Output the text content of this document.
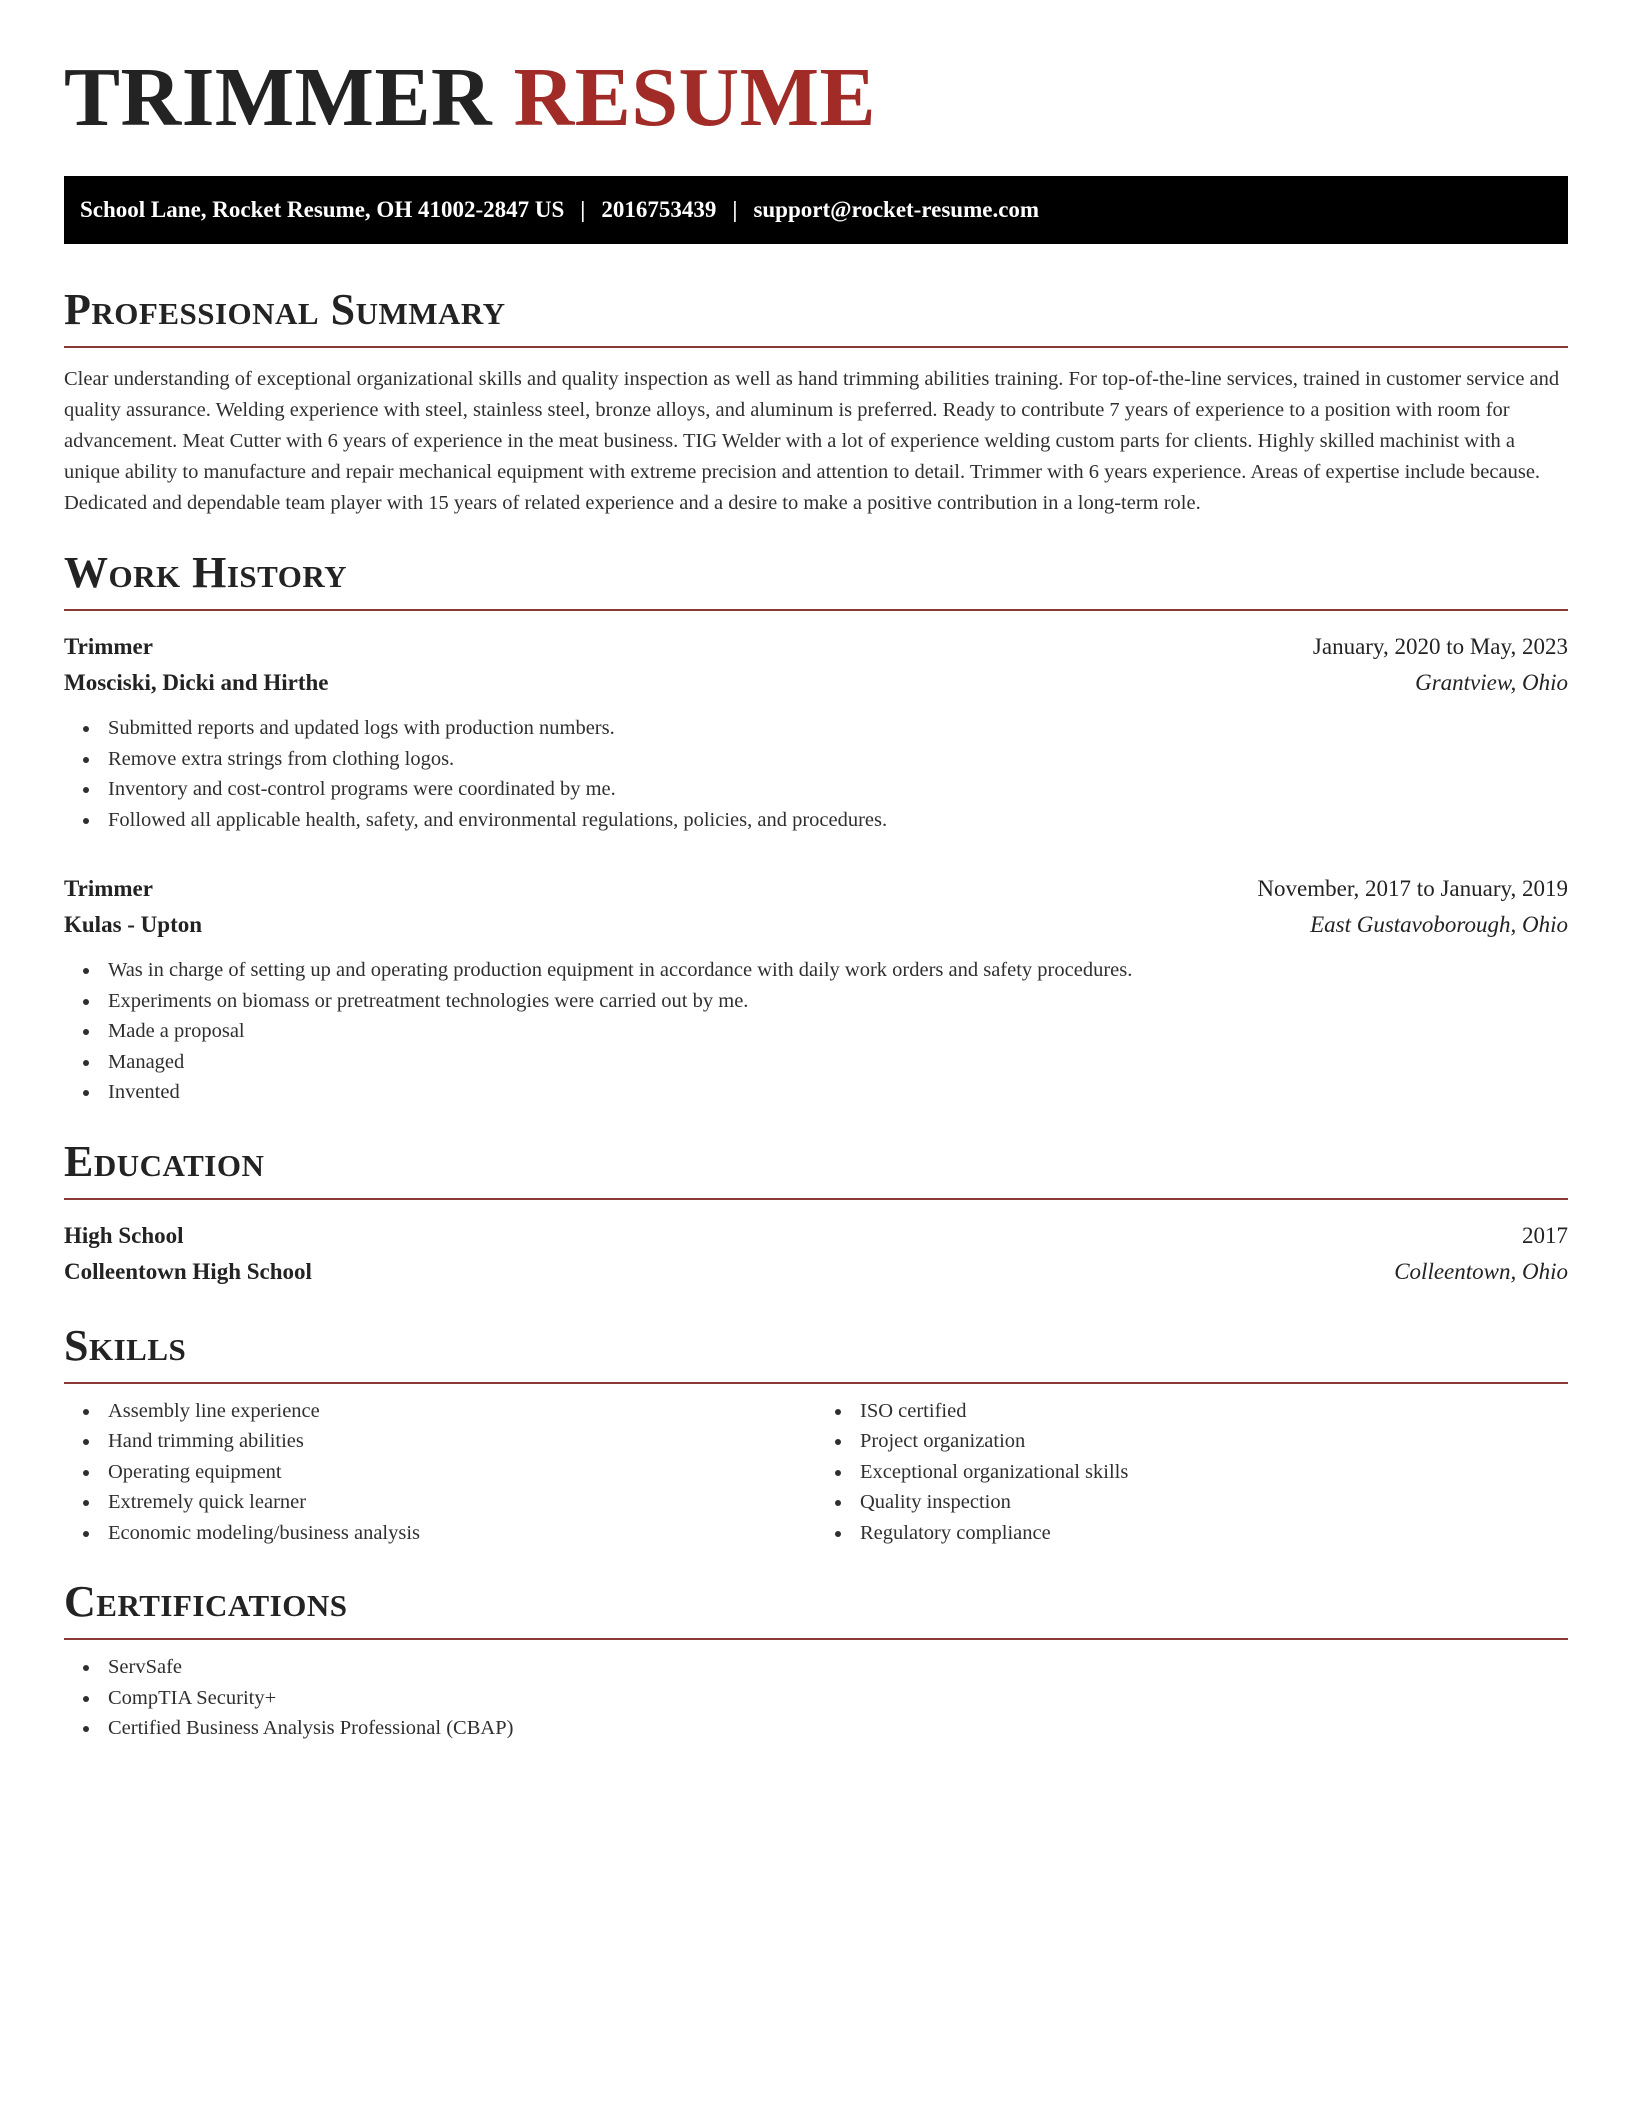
TRIMMER RESUME
School Lane, Rocket Resume, OH 41002-2847 US | 2016753439 | support@rocket-resume.com
Professional Summary

Clear understanding of exceptional organizational skills and quality inspection as well as hand trimming abilities training. For top-of-the-line services, trained in customer service and quality assurance. Welding experience with steel, stainless steel, bronze alloys, and aluminum is preferred. Ready to contribute 7 years of experience to a position with room for advancement. Meat Cutter with 6 years of experience in the meat business. TIG Welder with a lot of experience welding custom parts for clients. Highly skilled machinist with a unique ability to manufacture and repair mechanical equipment with extreme precision and attention to detail. Trimmer with 6 years experience. Areas of expertise include because. Dedicated and dependable team player with 15 years of related experience and a desire to make a positive contribution in a long-term role.

Work History
Trimmer	January, 2020 to May, 2023
Mosciski, Dicki and Hirthe	Grantview, Ohio
Submitted reports and updated logs with production numbers.
Remove extra strings from clothing logos.
Inventory and cost-control programs were coordinated by me.
Followed all applicable health, safety, and environmental regulations, policies, and procedures.
Trimmer	November, 2017 to January, 2019
Kulas - Upton	East Gustavoborough, Ohio
Was in charge of setting up and operating production equipment in accordance with daily work orders and safety procedures.
Experiments on biomass or pretreatment technologies were carried out by me.
Made a proposal
Managed
Invented
Education
High School	2017
Colleentown High School	Colleentown, Ohio
Skills
Assembly line experience
Hand trimming abilities
Operating equipment
Extremely quick learner
Economic modeling/business analysis
ISO certified
Project organization
Exceptional organizational skills
Quality inspection
Regulatory compliance
Certifications
ServSafe
CompTIA Security+
Certified Business Analysis Professional (CBAP)
